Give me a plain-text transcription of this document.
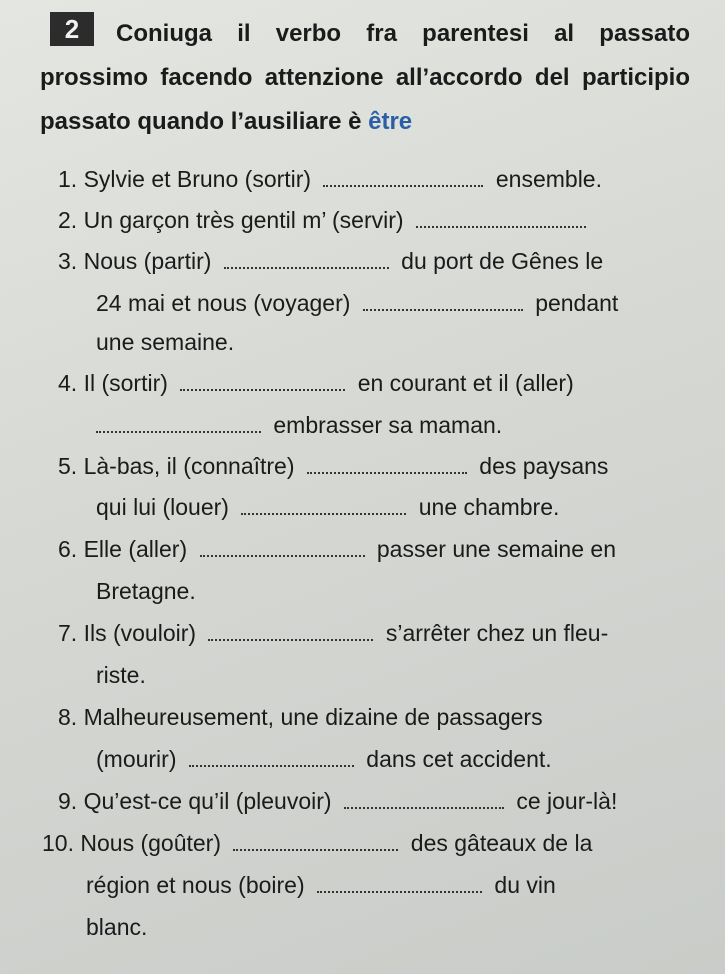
Coniuga il verbo fra parentesi al passato prossimo facendo attenzione all’accordo del participio passato quando l’ausiliare è être
2
1. Sylvie et Bruno (sortir)	ensemble.
2. Un garçon très gentil m’ (servir)
3. Nous (partir)	du port de Gênes le
24 mai et nous (voyager)	pendant
une semaine.
4. Il (sortir)	en courant et il (aller)
embrasser sa maman.
5. Là-bas, il (connaître)	des paysans
qui lui (louer)	une chambre.
6. Elle (aller)	passer une semaine en
Bretagne.
7. Ils (vouloir)	s’arrêter chez un fleu-
riste.
8. Malheureusement, une dizaine de passagers
(mourir)	dans cet accident.
9. Qu’est-ce qu’il (pleuvoir)	ce jour-là!
10. Nous (goûter)	des gâteaux de la
région et nous (boire)	du vin
blanc.
